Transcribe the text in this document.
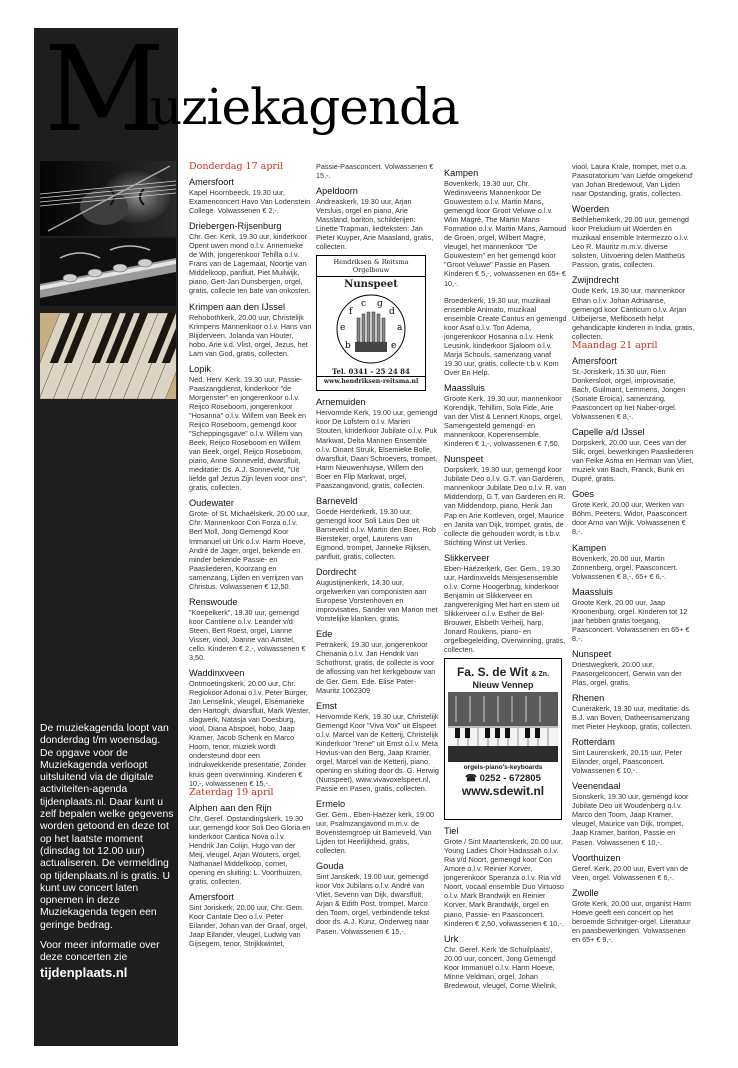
M
uziekagenda

De muziekagenda loopt van donderdag t/m woensdag. De opgave voor de Muziekagenda verloopt uitsluitend via de digitale activiteiten-agenda tijdenplaats.nl. Daar kunt u zelf bepalen welke gegevens worden getoond en deze tot op het laatste moment (dinsdag tot 12.00 uur) actualiseren. De vermelding op tijdenplaats.nl is gratis. U kunt uw concert laten opnemen in deze Muziekagenda tegen een geringe bedrag.

Voor meer informatie over deze concerten zie

tijdenplaats.nl
Donderdag 17 april
Amersfoort

Kapel Hoornbeeck, 19.30 uur, Examenconcert Havo Van Lodenstein College. Volwassenen € 2,-.

Driebergen-Rijsenburg

Chr. Ger. Kerk, 19.30 uur, kinderkoor Opent uwen mond o.l.v. Annemieke de With, jongerenkoor Tehilla o.l.v. Frans van de Lagemaat, Noortje van Middelkoop, panfluit, Piet Muilwijk, piano, Gert-Jan Dunsbergen, orgel, gratis, collecte ten bate van onkosten.

Krimpen aan den IJssel

Rehobothkerk, 20.00 uur, Christelijk Krimpens Mannenkoor o.l.v. Hans van Blijderveen, Jolanda van Houter, hobo, Arie v.d. Vlist, orgel, Jezus, het Lam van God, gratis, collecten.

Lopik

Ned. Herv. Kerk, 19.30 uur, Passie-Paaszangdienst, kinderkoor "de Morgenster" en jongerenkoor o.l.v. Reijco Roseboom, jongerenkoor "Hosanna" o.l.v. Willem van Beek en Reijco Roseboom, gemengd koor "Scheppingsgave" o.l.v. Willem van Beek, Reijco Roseboom en Willem van Beek, orgel, Reijco Roseboom, piano, Anne Sonneveld, dwarsfluit, meditatie: Ds. A.J. Sonneveld, "Uit liefde gaf Jezus Zijn leven voor ons", gratis, collecten.

Oudewater

Grote- of St. Michaëlskerk, 20.00 uur, Chr. Mannenkoor Con Forza o.l.v. Bert Moll, Jong Gemengd Koor Immanuel uit Urk o.l.v. Harm Hoeve, André de Jager, orgel, bekende en minder bekende Passie- en Paasliederen, Koorzang en samenzang, Lijden en verrijzen van Christus. Volwassenen € 12,50.

Renswoude

"Koepelkerk", 19.30 uur, gemengd koor Cantilene o.l.v. Leander v/d Steen, Bert Roest, orgel, Lianne Visser, viool, Joanne van Amstel, cello. Kinderen € 2,-, volwassenen € 3,50.

Waddinxveen

Ontmoetingskerk, 20.00 uur, Chr. Regiokoor Adonai o.l.v. Peter Burger, Jan Lenselink, vleugel, Elsemarieke den Hartogh, dwarsfluit, Mark Wester, slagwerk, Natasja van Doesburg, viool, Diana Abspoel, hobo, Jaap Kramer, Jacob Schenk en Marco Hoorn, tenor, muziek wordt ondersteund door een indrukwekkende presentatie, Zonder kruis geen overwinning. Kinderen € 10,-, volwassenen € 15,-.

Zaterdag 19 april
Alphen aan den Rijn

Chr. Geref. Opstandingskerk, 19.30 uur, gemengd koor Soli Deo Gloria en kinderkoor Cantica Nova o.l.v. Hendrik Jan Colijn, Hugo van der Meij, vleugel, Arjan Wouters, orgel, Nathanael Middelkoop, cornet, opening en sluiting: L. Voorthuizen, gratis, collecten.

Amersfoort

Sint Joriskerk, 20.00 uur, Chr. Gem. Koor Cantate Deo o.l.v. Peter Eilander, Johan van der Graaf, orgel, Jaap Eilander, vleugel, Ludwig van Gijsegem, tenor, Strijkkwintet,

Passie-Paasconcert. Volwassenen € 15,-.

Apeldoorn

Andreaskerk, 19.30 uur, Arjan Versluis, orgel en piano, Arie Massland, bariton, schilderijen: Linette Trapman, liedteksten: Jan Pieter Kuyper, Arie Maasland, gratis, collecten.

Arnemuiden

Hervormde Kerk, 19.00 uur, gemengd koor De Lofstem o.l.v. Marien Stouten, kinderkoor Jubilate o.l.v. Puk Markwat, Delta Mannen Ensemble o.l.v. Dinant Struik, Elsemieke Bolle, dwarsfluit, Daan Schroevers, trompet, Harm Nieuwenhuyse, Willem den Boer en Flip Markwat, orgel, Paaszangavond, gratis, collecten.

Barneveld

Goede Herderkerk, 19.30 uur, gemengd koor Soli Laus Deo uit Barneveld o.l.v. Martin den Boer, Rob Biersteker, orgel, Laurens van Egmond, trompet, Janneke Rijksen, panfluit, gratis, collecten.

Dordrecht

Augustijnenkerk, 14.30 uur, orgelwerken van componisten aan Europese Vorstenhoven en improvisaties, Sander van Marion met Vorstelijke klanken, gratis.

Ede

Petrakerk, 19.30 uur, jongerenkoor Chenania o.l.v. Jan Hendrik van Schothorst, gratis, de collecte is voor de aflossing van het kerkgebouw van de Ger. Gem. Ede. Elise Pater-Mauritz 1062309

Emst

Hervormde Kerk, 19.30 uur, Christelijk Gemengd Koor "Viva Vox" uit Elspeet o.l.v. Marcel van de Ketterij, Christelijk Kinderkoor "Irene" uit Emst o.l.v. Meta Hovius-van den Berg, Jaap Kramer, orgel, Marcel van de Ketterij, piano, opening en sluiting door ds. G. Herwig (Nunspeet), www.vivavoxelspeet.nl, Passie en Pasen, gratis, collecten.

Ermelo

Ger. Gem., Eben-Haëzer kerk, 19.00 uur, Psalmzangavond m.m.v. de Bovenstemgroep uit Barneveld, Van Lijden tot Heerlijkheid, gratis, collecten.

Gouda

Sint Janskerk, 19.00 uur, gemengd koor Vox Jubilans o.l.v. André van Vliet, Sevenn van Dijk, dwarsfluit, Arjan & Edith Post, trompet, Marco den Toom, orgel, verbindende tekst door ds. A.J. Kunz, Onderweg naar Pasen. Volwassenen € 15,-.

Kampen

Bovenkerk, 19.30 uur, Chr. Wedinxveens Mannenkoor De Gouwestem o.l.v. Martin Mans, gemengd koor Groot Veluwe o.l.v. Wim Magré, The Martin Mans Formation o.l.v. Martin Mans, Aarnoud de Groen, orgel, Wilbert Magré, vleugel, het mannenkoor "De Gouwestem" en het gemengd koor "Groot Veluwe" Passie en Pasen. Kinderen € 5,-, volwassenen en 65+ € 10,-.

Broederkerk, 19.30 uur, muzikaal ensemble Animato, muzikaal ensemble Create Cantus en gemengd koor Asaf o.l.v. Ton Adema, jongerenkoor Hosanna o.l.v. Henk Leusink, kinderkoor Sjaloom o.l.v. Marja Schouls, samenzang vanaf 19.30 uur, gratis, collecte t.b.v. Kom Over En Help.

Maassluis

Groote Kerk, 19.30 uur, mannenkoor Korendijk, Tehillim, Sola Fide, Arie van der Vlist & Lennert Knops, orgel, Samengesteld gemengd- en mannenkoor, Koperensemble. Kinderen € 1,-, volwassenen € 7,50.

Nunspeet

Dorpskerk, 19.30 uur, gemengd koor Jubilate Deo o.l.v. G.T. van Garderen, mannenkoor Jubilate Deo o.l.v. R. van Middendorp, G.T. van Garderen en R. van Middendorp, piano, Henk Jan Pap en Arie Kortleven, orgel, Maurice en Janita van Dijk, trompet, gratis, de collecte die gehouden wordt, is t.b.v. Stichting Winst uit Verlies.

Slikkerveer

Eben-Haëzerkerk, Ger. Gem., 19.30 uur, Hardinxvelds Meisjesensemble o.l.v. Corne Hoogerbrug, kinderkoor Benjamin uit Slikkerveer en zangvereniging Met hart en stem uit Slikkerveer o.l.v. Esther de Bel-Brouwer, Elsbeth Verheij, harp, Jonard Roukens, piano- en orgelbegeleiding, Overwinning, gratis, collecten.

Tiel

Grote / Sint Maartenskerk, 20.00 uur, Young Ladies Choir Hadassah o.l.v. Ria v/d Noort, gemengd koor Con Amore o.l.v. Reinier Korver, jongerenkoor Speranza o.l.v. Ria v/d Noort, vocaal ensemble Duo Virtuoso o.l.v. Mark Brandwijk en Reinier Korver, Mark Brandwijk, orgel en piano, Passie- en Paasconcert. Kinderen € 2,50, volwassenen € 10,-.

Urk

Chr. Geref. Kerk 'de Schuilplaats', 20.00 uur, concert, Jong Gemengd Koor Immanuël o.l.v. Harm Hoeve, Minne Veldman, orgel, Johan Bredewout, vleugel, Corne Wielink,

viool, Laura Krale, trompet, met o.a. Paasoratorium 'van Liefde omgekend' van Johan Bredewout, Van Lijden naar Opstanding, gratis, collecten.

Woerden

Bethlehemkerk, 20.00 uur, gemengd koor Preludium uit Woerden en muzikaal ensemble Intermezzo o.l.v. Leo R. Mauritz m.m.v. diverse solisten, Uitvoering delen Mattheüs Passion, gratis, collecten.

Zwijndrecht

Oude Kerk, 19.30 uur, mannenkoor Ethan o.l.v. Johan Adriaanse, gemengd koor Canticum o.l.v. Arjan Uitbeijerse, Mefiboseth helpt gehandicapte kinderen in India, gratis, collecten.

Maandag 21 april
Amersfoort

St.-Joriskerk, 15.30 uur, Rien Donkersloot, orgel, improvisatie, Bach, Guilmant, Lemmens, Jongen (Sonate Eroica), samenzang, Paasconcert op het Naber-orgel. Volwassenen € 8,-.

Capelle a/d IJssel

Dorpskerk, 20.00 uur, Cees van der Slik, orgel, bewerkingen Paasliederen van Feike Asma en Herman van Vliet, muziek van Bach, Franck, Bunk en Dupré, gratis.

Goes

Grote Kerk, 20.00 uur, Werken van Böhm, Peeters, Widor, Paasconcert door Arno van Wijk. Volwassenen € 8,-.

Kampen

Bovenkerk, 20.00 uur, Martin Zonnenberg, orgel, Paasconcert. Volwassenen € 8,-, 65+ € 6,-.

Maassluis

Groote Kerk, 20.00 uur, Jaap Kroonenburg, orgel. Kinderen tot 12 jaar hebben gratis toegang, Paasconcert. Volwassenen en 65+ € 8,-.

Nunspeet

Driestwegkerk, 20.00 uur, Paasorgelconcert, Gerwin van der Plas, orgel, gratis.

Rhenen

Cunerakerk, 19.30 uur, meditatie: ds. B.J. van Boven, Datheensamenzang met Pieter Heykoop, gratis, collecten.

Rotterdam

Sint Laurenskerk, 20.15 uur, Peter Eilander, orgel, Paasconcert. Volwassenen € 10,-.

Veenendaal

Sionskerk, 19.30 uur, gemengd koor Jubilate Deo uit Woudenberg o.l.v. Marco den Toom, Jaap Kramer, vleugel, Maurice van Dijk, trompet, Jaap Kramer, bariton, Passie en Pasen. Volwassenen € 10,-.

Voorthuizen

Geref. Kerk, 20.00 uur, Evert van de Veen, orgel. Volwassenen € 6,-.

Zwolle

Grote Kerk, 20.00 uur, organist Harm Hoeve geeft een concert op het beroemde Schnitger-orgel. Literatuur en paasbewerkingen. Volwassenen en 65+ € 9,-.

Hendriksen & Reitsma Orgelbouw
Nunspeet
f
c g
d
e	a
b	e
Tel. 0341 - 25 24 84
www.hendriksen-reitsma.nl
Fa. S. de Wit & Zn.
Nieuw Vennep
orgels-piano's-keyboards
☎ 0252 - 672805
www.sdewit.nl
